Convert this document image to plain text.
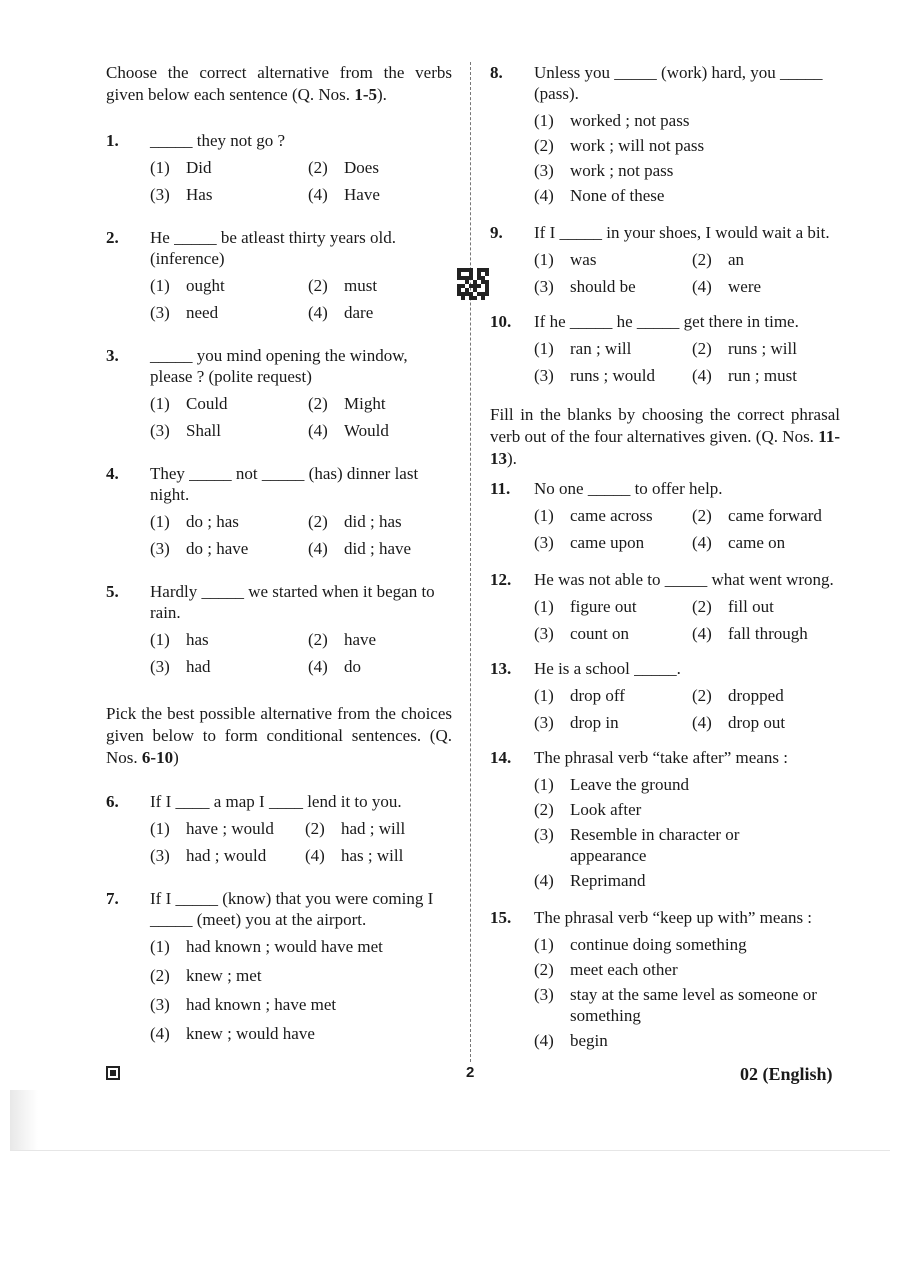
Choose the correct alternative from the verbs given below each sentence (Q. Nos. 1-5).
1. _____ they not go ?
(1) Did	(2) Does
(3) Has	(4) Have
2. He _____ be atleast thirty years old. (inference)
(1) ought	(2) must
(3) need	(4) dare
3. _____ you mind opening the window, please ? (polite request)
(1) Could	(2) Might
(3) Shall	(4) Would
4. They _____ not _____ (has) dinner last night.
(1) do ; has	(2) did ; has
(3) do ; have	(4) did ; have
5. Hardly _____ we started when it began to rain.
(1) has	(2) have
(3) had	(4) do
Pick the best possible alternative from the choices given below to form conditional sentences. (Q. Nos. 6-10)
6. If I ____ a map I ____ lend it to you.
(1) have ; would	(2) had ; will
(3) had ; would	(4) has ; will
7. If I _____ (know) that you were coming I _____ (meet) you at the airport.
(1) had known ; would have met
(2) knew ; met
(3) had known ; have met
(4) knew ; would have
8. Unless you _____ (work) hard, you _____ (pass).
(1) worked ; not pass
(2) work ; will not pass
(3) work ; not pass
(4) None of these
9. If I _____ in your shoes, I would wait a bit.
(1) was	(2) an
(3) should be	(4) were
10. If he _____ he _____ get there in time.
(1) ran ; will	(2) runs ; will
(3) runs ; would	(4) run ; must
Fill in the blanks by choosing the correct phrasal verb out of the four alternatives given. (Q. Nos. 11-13).
11. No one _____ to offer help.
(1) came across	(2) came forward
(3) came upon	(4) came on
12. He was not able to _____ what went wrong.
(1) figure out	(2) fill out
(3) count on	(4) fall through
13. He is a school _____.
(1) drop off	(2) dropped
(3) drop in	(4) drop out
14. The phrasal verb “take after” means :
(1) Leave the ground
(2) Look after
(3) Resemble in character or appearance
(4) Reprimand
15. The phrasal verb “keep up with” means :
(1) continue doing something
(2) meet each other
(3) stay at the same level as someone or something
(4) begin
2	02 (English)
